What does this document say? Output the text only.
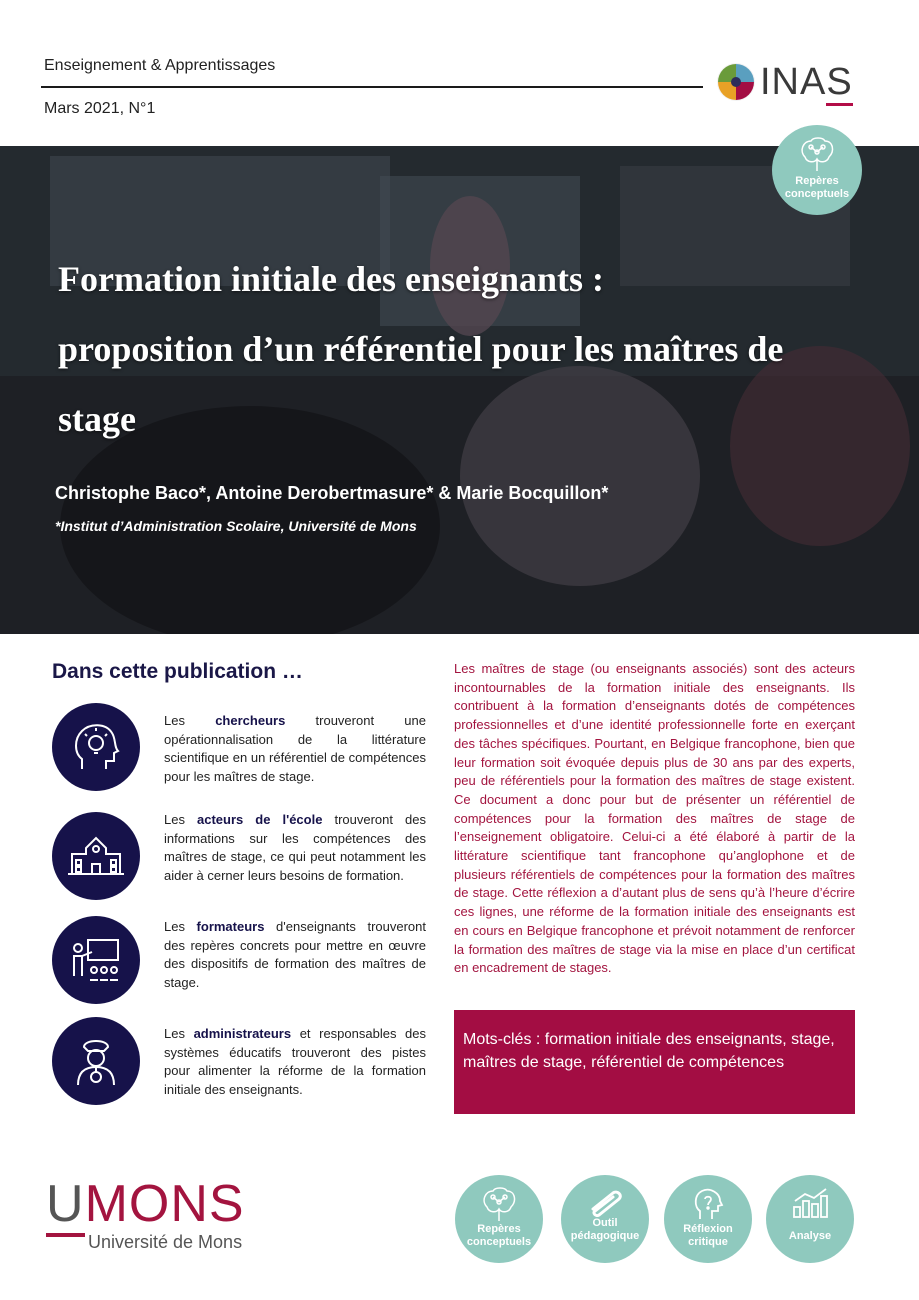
Enseignement & Apprentissages
Mars 2021, N°1
INAS
Formation initiale des enseignants :
proposition d’un référentiel pour les maîtres de
stage
Christophe Baco*, Antoine Derobertmasure* & Marie Bocquillon*
*Institut d’Administration Scolaire, Université de Mons
Repères
conceptuels
Dans cette publication …
Les chercheurs trouveront une opérationnalisation de la littérature scientifique en un référentiel de compétences pour les maîtres de stage.
Les acteurs de l'école trouveront des informations sur les compétences des maîtres de stage, ce qui peut notamment les aider à cerner leurs besoins de formation.
Les formateurs d'enseignants trouveront des repères concrets pour mettre en œuvre des dispositifs de formation des maîtres de stage.
Les administrateurs et responsables des systèmes éducatifs trouveront des pistes pour alimenter la réforme de la formation initiale des enseignants.
Les maîtres de stage (ou enseignants associés) sont des acteurs incontournables de la formation initiale des enseignants. Ils contribuent à la formation d’enseignants dotés de compétences professionnelles et d’une identité professionnelle forte en exerçant des tâches spécifiques. Pourtant, en Belgique francophone, bien que leur formation soit évoquée depuis plus de 30 ans par des experts, peu de référentiels pour la formation des maîtres de stage existent. Ce document a donc pour but de présenter un référentiel de compétences pour la formation des maîtres de stage de l’enseignement obligatoire. Celui-ci a été élaboré à partir de la littérature scientifique tant francophone qu’anglophone et de plusieurs référentiels de compétences pour la formation des maîtres de stage. Cette réflexion a d’autant plus de sens qu’à l’heure d’écrire ces lignes, une réforme de la formation initiale des enseignants est en cours en Belgique francophone et prévoit notamment de renforcer la formation des maîtres de stage via la mise en place d’un certificat en encadrement de stages.
Mots-clés : formation initiale des enseignants, stage, maîtres de stage, référentiel de compétences
UMONS
Université de Mons
Repères
conceptuels
Outil
pédagogique
Réflexion
critique	Analyse
